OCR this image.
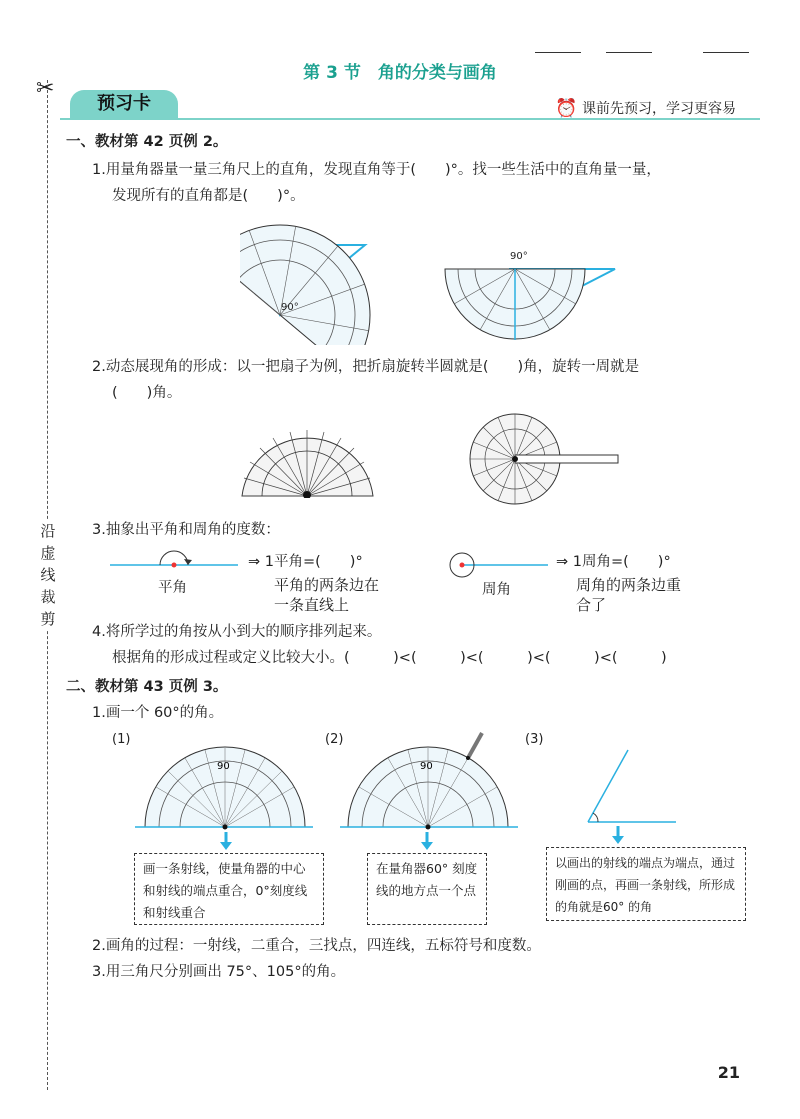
第 3 节　角的分类与画角
✂
沿虚线裁剪
预习卡	⏰ 课前先预习，学习更容易
一、教材第 42 页例 2。
1.用量角器量一量三角尺上的直角，发现直角等于(　　)°。找一些生活中的直角量一量，
发现所有的直角都是(　　)°。
90°
90°
2.动态展现角的形成：以一把扇子为例，把折扇旋转半圆就是(　　)角，旋转一周就是
(　　)角。
3.抽象出平角和周角的度数：
平角
⇒ 1平角=(　　)°
平角的两条边在
一条直线上
周角
⇒ 1周角=(　　)°
周角的两条边重
合了
4.将所学过的角按从小到大的顺序排列起来。
根据角的形成过程或定义比较大小。(　　　)<(　　　)<(　　　)<(　　　)<(　　　)
二、教材第 43 页例 3。
1.画一个 60°的角。
(1)	(2)	(3)
90	90
画一条射线，使量角器的中心和射线的端点重合，0°刻度线和射线重合
在量角器60° 刻度线的地方点一个点
以画出的射线的端点为端点，通过刚画的点，再画一条射线，所形成的角就是60° 的角
2.画角的过程：一射线，二重合，三找点，四连线，五标符号和度数。
3.用三角尺分别画出 75°、105°的角。
21
